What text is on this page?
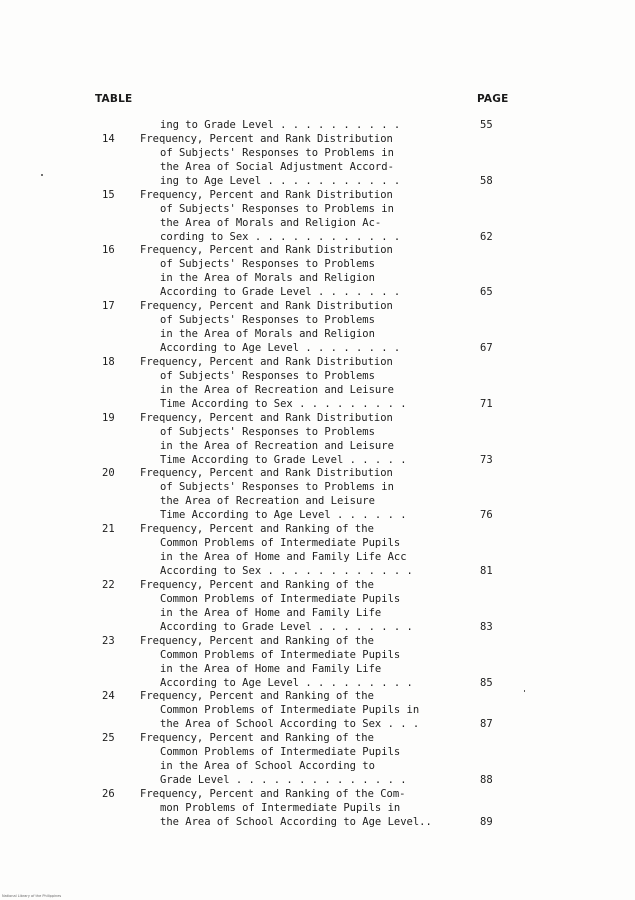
TABLE	PAGE
ing to Grade Level . . . . . . . . . .	55
14 Frequency, Percent and Rank Distribution
of Subjects' Responses to Problems in
the Area of Social Adjustment Accord-
ing to Age Level . . . . . . . . . . .	58
15 Frequency, Percent and Rank Distribution
of Subjects' Responses to Problems in
the Area of Morals and Religion Ac-
cording to Sex . . . . . . . . . . . .	62
16 Frequency, Percent and Rank Distribution
of Subjects' Responses to Problems
in the Area of Morals and Religion
According to Grade Level . . . . . . .	65
17 Frequency, Percent and Rank Distribution
of Subjects' Responses to Problems
in the Area of Morals and Religion
According to Age Level . . . . . . . .	67
18 Frequency, Percent and Rank Distribution
of Subjects' Responses to Problems
in the Area of Recreation and Leisure
Time According to Sex . . . . . . . . .	71
19 Frequency, Percent and Rank Distribution
of Subjects' Responses to Problems
in the Area of Recreation and Leisure
Time According to Grade Level . . . . .	73
20 Frequency, Percent and Rank Distribution
of Subjects' Responses to Problems in
the Area of Recreation and Leisure
Time According to Age Level . . . . . .	76
21 Frequency, Percent and Ranking of the
Common Problems of Intermediate Pupils
in the Area of Home and Family Life Acc
According to Sex . . . . . . . . . . . .	81
22 Frequency, Percent and Ranking of the
Common Problems of Intermediate Pupils
in the Area of Home and Family Life
According to Grade Level . . . . . . . .	83
23 Frequency, Percent and Ranking of the
Common Problems of Intermediate Pupils
in the Area of Home and Family Life
According to Age Level . . . . . . . . .	85
24 Frequency, Percent and Ranking of the
Common Problems of Intermediate Pupils in
the Area of School According to Sex . . .	87
25 Frequency, Percent and Ranking of the
Common Problems of Intermediate Pupils
in the Area of School According to
Grade Level . . . . . . . . . . . . . .	88
26 Frequency, Percent and Ranking of the Com-
mon Problems of Intermediate Pupils in
the Area of School According to Age Level..	89
National Library of the Philippines
